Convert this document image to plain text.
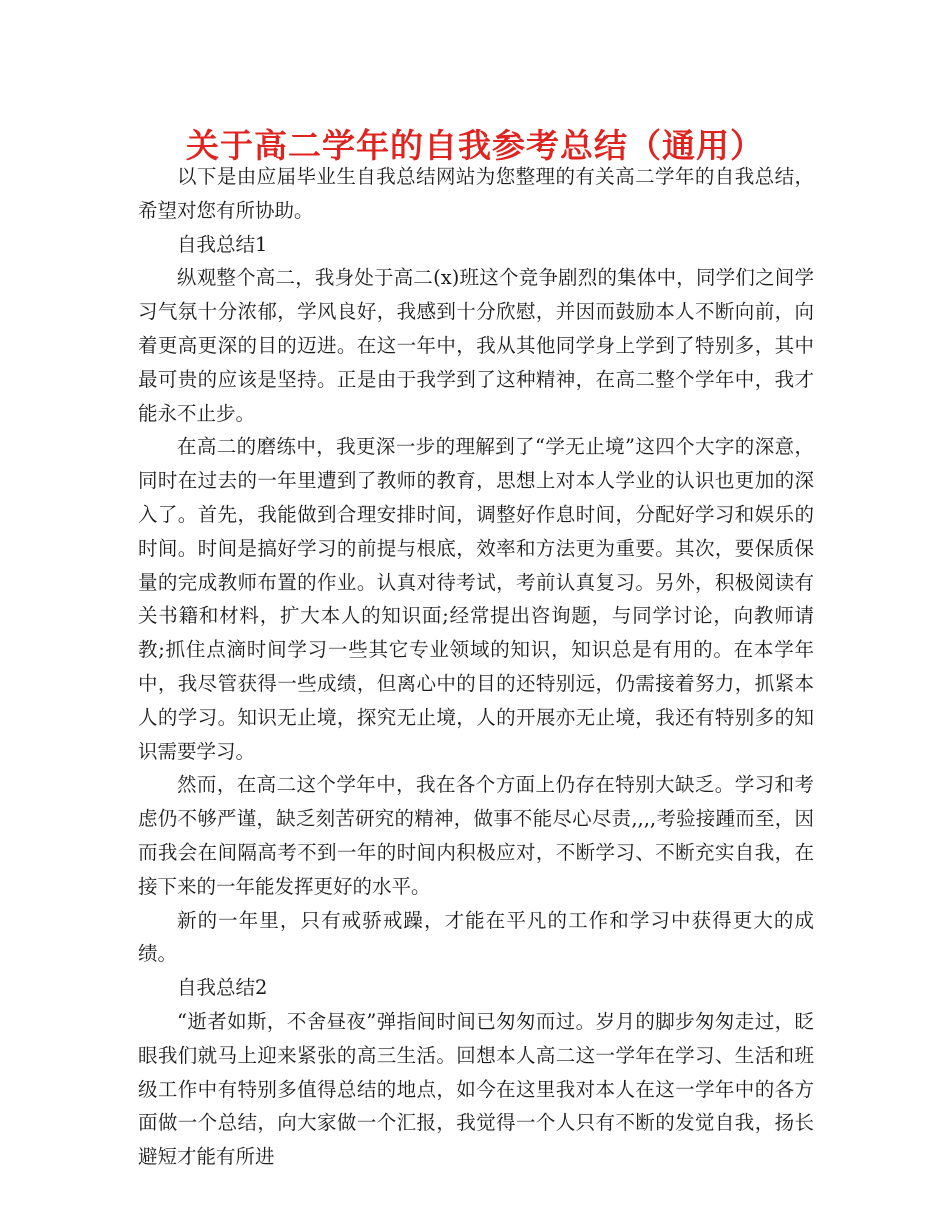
关于高二学年的自我参考总结（通用）

以下是由应届毕业生自我总结网站为您整理的有关高二学年的自我总结，希望对您有所协助。

自我总结1

纵观整个高二，我身处于高二(x)班这个竞争剧烈的集体中，同学们之间学习气氛十分浓郁，学风良好，我感到十分欣慰，并因而鼓励本人不断向前，向着更高更深的目的迈进。在这一年中，我从其他同学身上学到了特别多，其中最可贵的应该是坚持。正是由于我学到了这种精神，在高二整个学年中，我才能永不止步。

在高二的磨练中，我更深一步的理解到了“学无止境”这四个大字的深意，同时在过去的一年里遭到了教师的教育，思想上对本人学业的认识也更加的深入了。首先，我能做到合理安排时间，调整好作息时间，分配好学习和娱乐的时间。时间是搞好学习的前提与根底，效率和方法更为重要。其次，要保质保量的完成教师布置的作业。认真对待考试，考前认真复习。另外，积极阅读有关书籍和材料，扩大本人的知识面;经常提出咨询题，与同学讨论，向教师请教;抓住点滴时间学习一些其它专业领域的知识，知识总是有用的。在本学年中，我尽管获得一些成绩，但离心中的目的还特别远，仍需接着努力，抓紧本人的学习。知识无止境，探究无止境，人的开展亦无止境，我还有特别多的知识需要学习。

然而，在高二这个学年中，我在各个方面上仍存在特别大缺乏。学习和考虑仍不够严谨，缺乏刻苦研究的精神，做事不能尽心尽责,,,,考验接踵而至，因而我会在间隔高考不到一年的时间内积极应对，不断学习、不断充实自我，在接下来的一年能发挥更好的水平。

新的一年里，只有戒骄戒躁，才能在平凡的工作和学习中获得更大的成绩。

自我总结2

“逝者如斯，不舍昼夜”弹指间时间已匆匆而过。岁月的脚步匆匆走过，眨眼我们就马上迎来紧张的高三生活。回想本人高二这一学年在学习、生活和班级工作中有特别多值得总结的地点，如今在这里我对本人在这一学年中的各方面做一个总结，向大家做一个汇报，我觉得一个人只有不断的发觉自我，扬长避短才能有所进
